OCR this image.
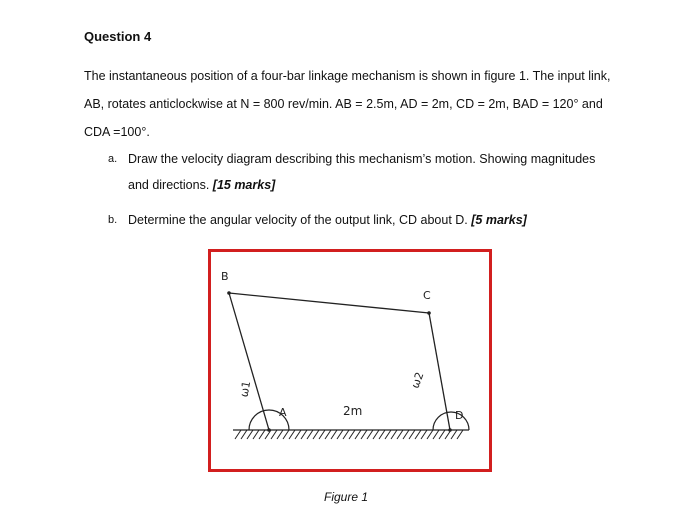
Question 4
The instantaneous position of a four-bar linkage mechanism is shown in figure 1. The input link, AB, rotates anticlockwise at N = 800 rev/min. AB = 2.5m, AD = 2m, CD = 2m, BAD = 120° and CDA =100°.
a. Draw the velocity diagram describing this mechanism’s motion. Showing magnitudes and directions. [15 marks]
b. Determine the angular velocity of the output link, CD about D. [5 marks]
B
C
A	D
2m
ω1	ω2
Figure 1
